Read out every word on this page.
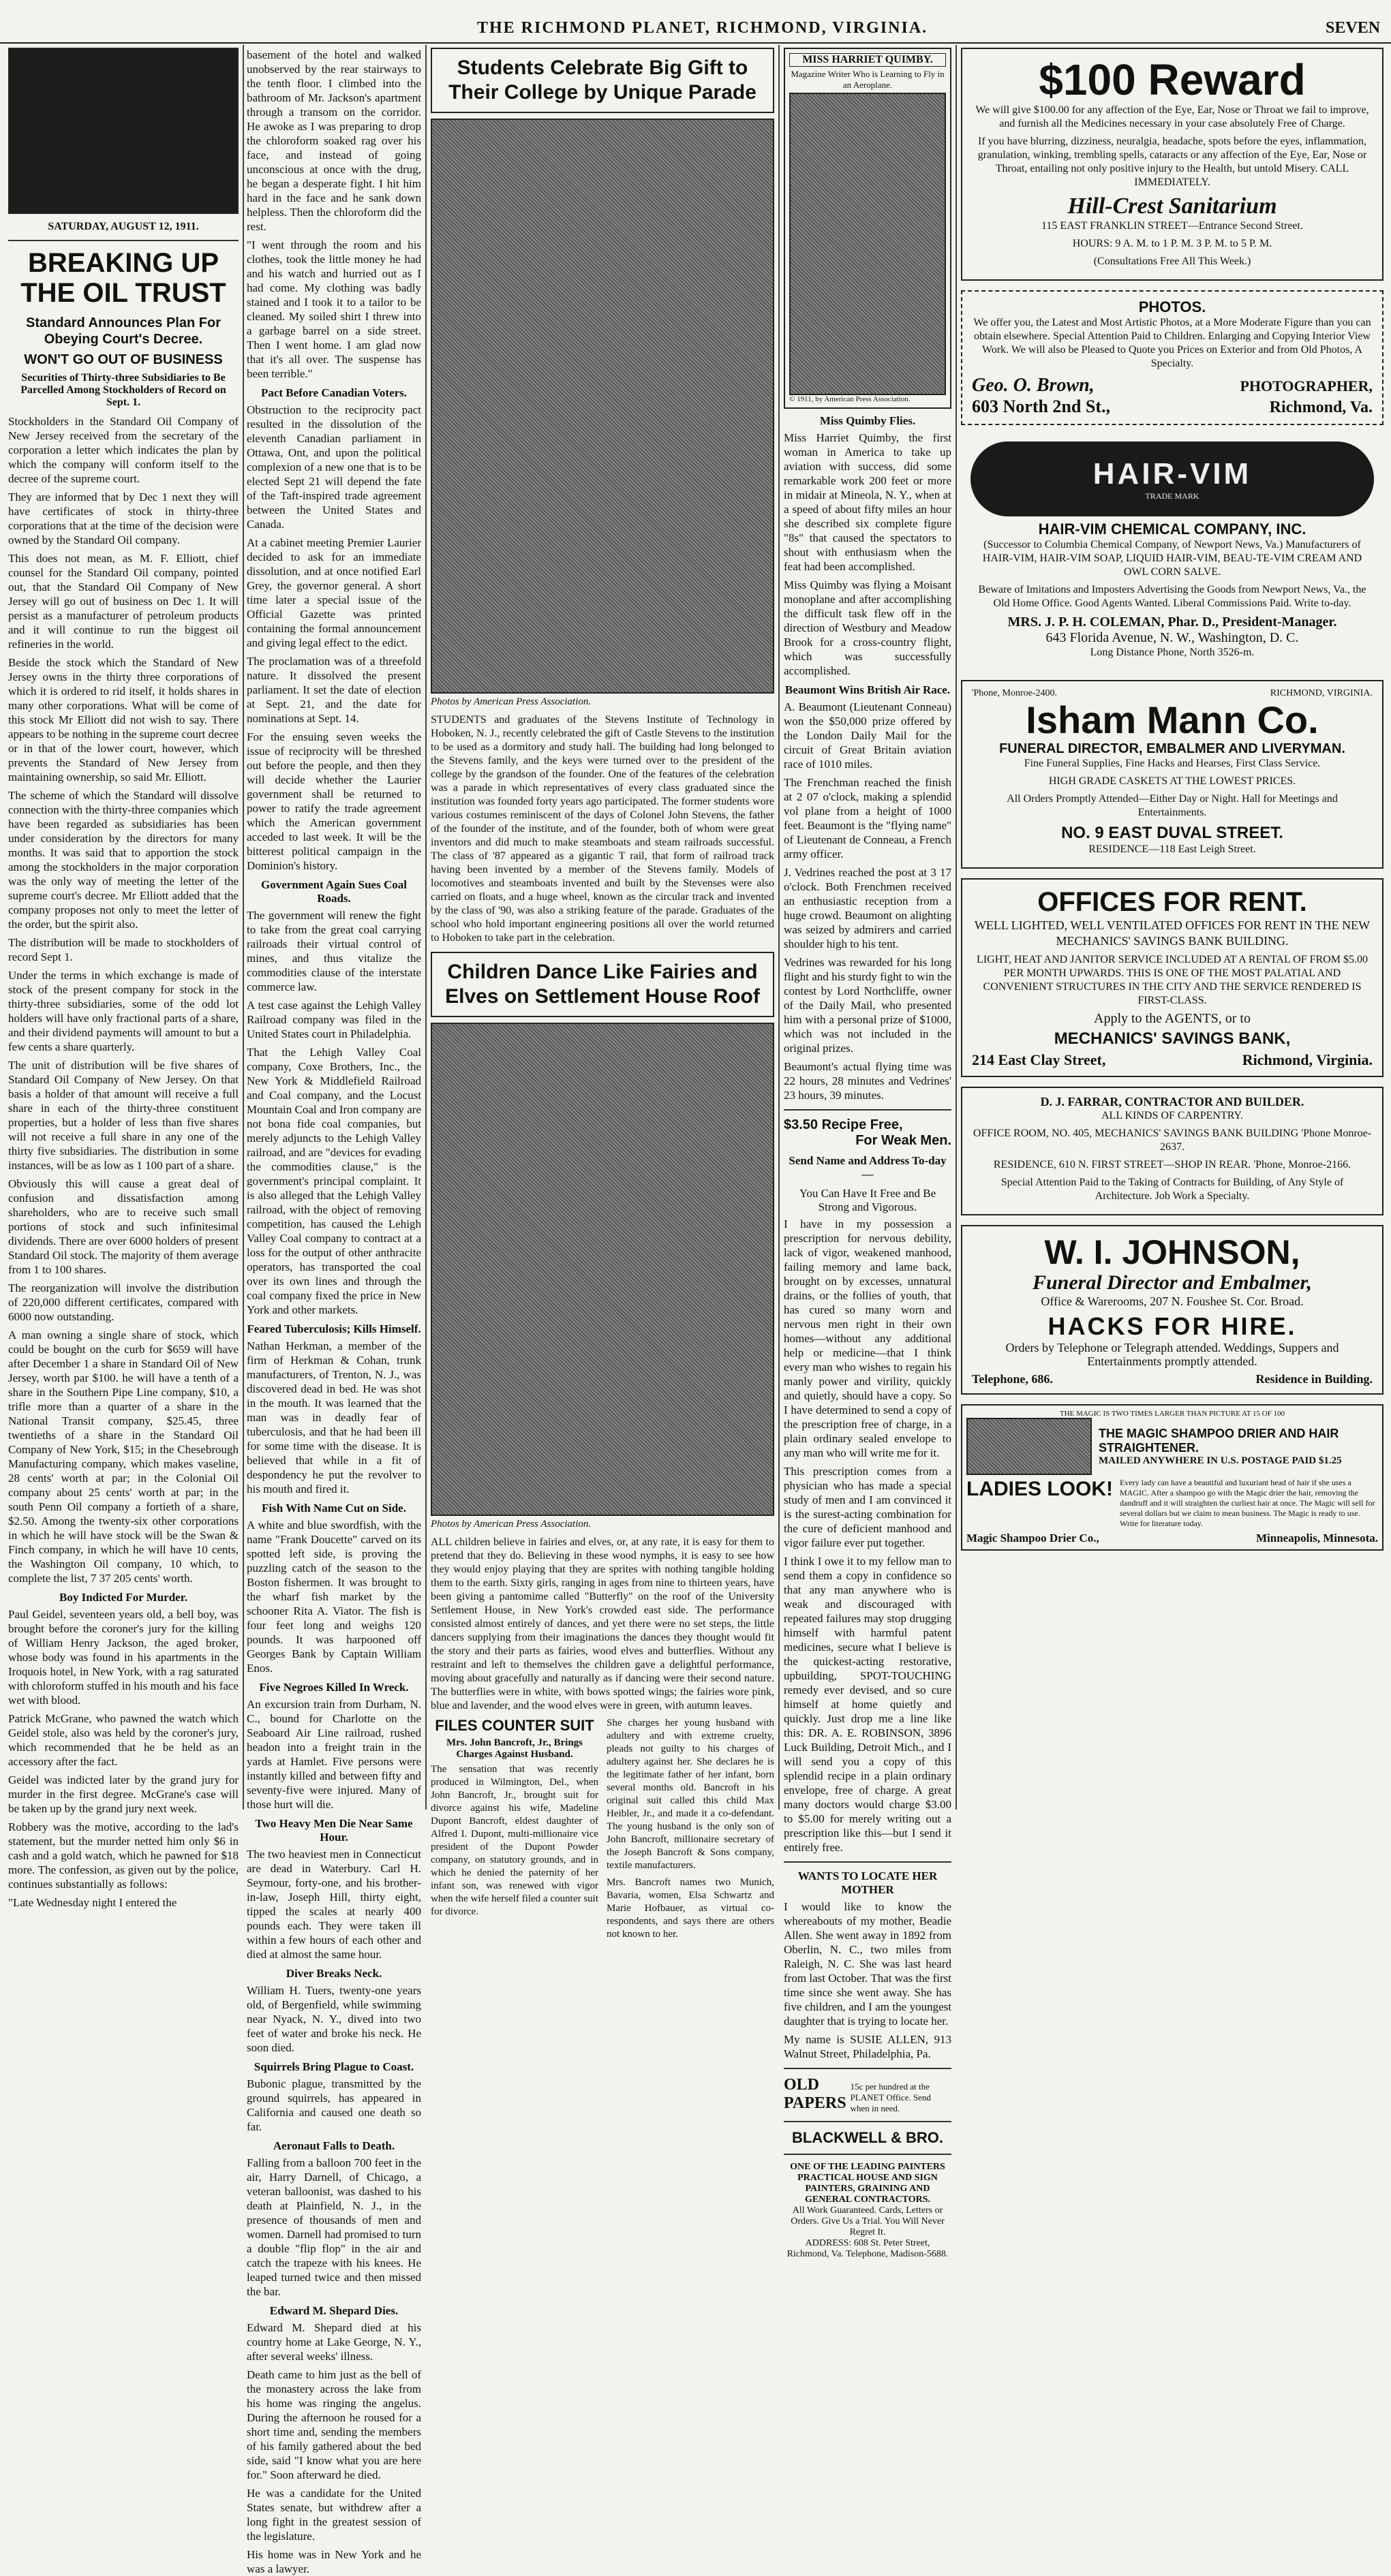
THE RICHMOND PLANET, RICHMOND, VIRGINIA.	SEVEN
SATURDAY, AUGUST 12, 1911.
BREAKING UP
THE OIL TRUST
Standard Announces Plan For Obeying Court's Decree.
WON'T GO OUT OF BUSINESS
Securities of Thirty-three Subsidiaries to Be Parcelled Among Stockholders of Record on Sept. 1.

Stockholders in the Standard Oil Company of New Jersey received from the secretary of the corporation a letter which indicates the plan by which the company will conform itself to the decree of the supreme court.

They are informed that by Dec 1 next they will have certificates of stock in thirty-three corporations that at the time of the decision were owned by the Standard Oil company.

This does not mean, as M. F. Elliott, chief counsel for the Standard Oil company, pointed out, that the Standard Oil Company of New Jersey will go out of business on Dec 1. It will persist as a manufacturer of petroleum products and it will continue to run the biggest oil refineries in the world.

Beside the stock which the Standard of New Jersey owns in the thirty three corporations of which it is ordered to rid itself, it holds shares in many other corporations. What will be come of this stock Mr Elliott did not wish to say. There appears to be nothing in the supreme court decree or in that of the lower court, however, which prevents the Standard of New Jersey from maintaining ownership, so said Mr. Elliott.

The scheme of which the Standard will dissolve connection with the thirty-three companies which have been regarded as subsidiaries has been under consideration by the directors for many months. It was said that to apportion the stock among the stockholders in the major corporation was the only way of meeting the letter of the supreme court's decree. Mr Elliott added that the company proposes not only to meet the letter of the order, but the spirit also.

The distribution will be made to stockholders of record Sept 1.

Under the terms in which exchange is made of stock of the present company for stock in the thirty-three subsidiaries, some of the odd lot holders will have only fractional parts of a share, and their dividend payments will amount to but a few cents a share quarterly.

The unit of distribution will be five shares of Standard Oil Company of New Jersey. On that basis a holder of that amount will receive a full share in each of the thirty-three constituent properties, but a holder of less than five shares will not receive a full share in any one of the thirty five subsidiaries. The distribution in some instances, will be as low as 1 100 part of a share.

Obviously this will cause a great deal of confusion and dissatisfaction among shareholders, who are to receive such small portions of stock and such infinitesimal dividends. There are over 6000 holders of present Standard Oil stock. The majority of them average from 1 to 100 shares.

The reorganization will involve the distribution of 220,000 different certificates, compared with 6000 now outstanding.

A man owning a single share of stock, which could be bought on the curb for $659 will have after December 1 a share in Standard Oil of New Jersey, worth par $100. he will have a tenth of a share in the Southern Pipe Line company, $10, a trifle more than a quarter of a share in the National Transit company, $25.45, three twentieths of a share in the Standard Oil Company of New York, $15; in the Chesebrough Manufacturing company, which makes vaseline, 28 cents' worth at par; in the Colonial Oil company about 25 cents' worth at par; in the south Penn Oil company a fortieth of a share, $2.50. Among the twenty-six other corporations in which he will have stock will be the Swan & Finch company, in which he will have 10 cents, the Washington Oil company, 10 which, to complete the list, 7 37 205 cents' worth.

Boy Indicted For Murder.

Paul Geidel, seventeen years old, a bell boy, was brought before the coroner's jury for the killing of William Henry Jackson, the aged broker, whose body was found in his apartments in the Iroquois hotel, in New York, with a rag saturated with chloroform stuffed in his mouth and his face wet with blood.

Patrick McGrane, who pawned the watch which Geidel stole, also was held by the coroner's jury, which recommended that he be held as an accessory after the fact.

Geidel was indicted later by the grand jury for murder in the first degree. McGrane's case will be taken up by the grand jury next week.

Robbery was the motive, according to the lad's statement, but the murder netted him only $6 in cash and a gold watch, which he pawned for $18 more. The confession, as given out by the police, continues substantially as follows:

"Late Wednesday night I entered the

basement of the hotel and walked unobserved by the rear stairways to the tenth floor. I climbed into the bathroom of Mr. Jackson's apartment through a transom on the corridor. He awoke as I was preparing to drop the chloroform soaked rag over his face, and instead of going unconscious at once with the drug, he began a desperate fight. I hit him hard in the face and he sank down helpless. Then the chloroform did the rest.

"I went through the room and his clothes, took the little money he had and his watch and hurried out as I had come. My clothing was badly stained and I took it to a tailor to be cleaned. My soiled shirt I threw into a garbage barrel on a side street. Then I went home. I am glad now that it's all over. The suspense has been terrible."

Pact Before Canadian Voters.

Obstruction to the reciprocity pact resulted in the dissolution of the eleventh Canadian parliament in Ottawa, Ont, and upon the political complexion of a new one that is to be elected Sept 21 will depend the fate of the Taft-inspired trade agreement between the United States and Canada.

At a cabinet meeting Premier Laurier decided to ask for an immediate dissolution, and at once notified Earl Grey, the governor general. A short time later a special issue of the Official Gazette was printed containing the formal announcement and giving legal effect to the edict.

The proclamation was of a threefold nature. It dissolved the present parliament. It set the date of election at Sept. 21, and the date for nominations at Sept. 14.

For the ensuing seven weeks the issue of reciprocity will be threshed out before the people, and then they will decide whether the Laurier government shall be returned to power to ratify the trade agreement which the American government acceded to last week. It will be the bitterest political campaign in the Dominion's history.

Government Again Sues Coal Roads.

The government will renew the fight to take from the great coal carrying railroads their virtual control of mines, and thus vitalize the commodities clause of the interstate commerce law.

A test case against the Lehigh Valley Railroad company was filed in the United States court in Philadelphia.

That the Lehigh Valley Coal company, Coxe Brothers, Inc., the New York & Middlefield Railroad and Coal company, and the Locust Mountain Coal and Iron company are not bona fide coal companies, but merely adjuncts to the Lehigh Valley railroad, and are "devices for evading the commodities clause," is the government's principal complaint. It is also alleged that the Lehigh Valley railroad, with the object of removing competition, has caused the Lehigh Valley Coal company to contract at a loss for the output of other anthracite operators, has transported the coal over its own lines and through the coal company fixed the price in New York and other markets.

Feared Tuberculosis; Kills Himself.

Nathan Herkman, a member of the firm of Herkman & Cohan, trunk manufacturers, of Trenton, N. J., was discovered dead in bed. He was shot in the mouth. It was learned that the man was in deadly fear of tuberculosis, and that he had been ill for some time with the disease. It is believed that while in a fit of despondency he put the revolver to his mouth and fired it.

Fish With Name Cut on Side.

A white and blue swordfish, with the name "Frank Doucette" carved on its spotted left side, is proving the puzzling catch of the season to the Boston fishermen. It was brought to the wharf fish market by the schooner Rita A. Viator. The fish is four feet long and weighs 120 pounds. It was harpooned off Georges Bank by Captain William Enos.

Five Negroes Killed In Wreck.

An excursion train from Durham, N. C., bound for Charlotte on the Seaboard Air Line railroad, rushed headon into a freight train in the yards at Hamlet. Five persons were instantly killed and between fifty and seventy-five were injured. Many of those hurt will die.

Two Heavy Men Die Near Same Hour.

The two heaviest men in Connecticut are dead in Waterbury. Carl H. Seymour, forty-one, and his brother-in-law, Joseph Hill, thirty eight, tipped the scales at nearly 400 pounds each. They were taken ill within a few hours of each other and died at almost the same hour.

Diver Breaks Neck.

William H. Tuers, twenty-one years old, of Bergenfield, while swimming near Nyack, N. Y., dived into two feet of water and broke his neck. He soon died.

Squirrels Bring Plague to Coast.

Bubonic plague, transmitted by the ground squirrels, has appeared in California and caused one death so far.

Aeronaut Falls to Death.

Falling from a balloon 700 feet in the air, Harry Darnell, of Chicago, a veteran balloonist, was dashed to his death at Plainfield, N. J., in the presence of thousands of men and women. Darnell had promised to turn a double "flip flop" in the air and catch the trapeze with his knees. He leaped turned twice and then missed the bar.

Edward M. Shepard Dies.

Edward M. Shepard died at his country home at Lake George, N. Y., after several weeks' illness.

Death came to him just as the bell of the monastery across the lake from his home was ringing the angelus. During the afternoon he roused for a short time and, sending the members of his family gathered about the bed side, said "I know what you are here for." Soon afterward he died.

He was a candidate for the United States senate, but withdrew after a long fight in the greatest session of the legislature.

His home was in New York and he was a lawyer.

Students Celebrate Big Gift to Their College by Unique Parade
Photos by American Press Association.

STUDENTS and graduates of the Stevens Institute of Technology in Hoboken, N. J., recently celebrated the gift of Castle Stevens to the institution to be used as a dormitory and study hall. The building had long belonged to the Stevens family, and the keys were turned over to the president of the college by the grandson of the founder. One of the features of the celebration was a parade in which representatives of every class graduated since the institution was founded forty years ago participated. The former students wore various costumes reminiscent of the days of Colonel John Stevens, the father of the founder of the institute, and of the founder, both of whom were great inventors and did much to make steamboats and steam railroads successful. The class of '87 appeared as a gigantic T rail, that form of railroad track having been invented by a member of the Stevens family. Models of locomotives and steamboats invented and built by the Stevenses were also carried on floats, and a huge wheel, known as the circular track and invented by the class of '90, was also a striking feature of the parade. Graduates of the school who hold important engineering positions all over the world returned to Hoboken to take part in the celebration.

Children Dance Like Fairies and Elves on Settlement House Roof
Photos by American Press Association.

ALL children believe in fairies and elves, or, at any rate, it is easy for them to pretend that they do. Believing in these wood nymphs, it is easy to see how they would enjoy playing that they are sprites with nothing tangible holding them to the earth. Sixty girls, ranging in ages from nine to thirteen years, have been giving a pantomime called "Butterfly" on the roof of the University Settlement House, in New York's crowded east side. The performance consisted almost entirely of dances, and yet there were no set steps, the little dancers supplying from their imaginations the dances they thought would fit the story and their parts as fairies, wood elves and butterflies. Without any restraint and left to themselves the children gave a delightful performance, moving about gracefully and naturally as if dancing were their second nature. The butterflies were in white, with bows spotted wings; the fairies wore pink, blue and lavender, and the wood elves were in green, with autumn leaves.

FILES COUNTER SUIT
Mrs. John Bancroft, Jr., Brings Charges Against Husband.

The sensation that was recently produced in Wilmington, Del., when John Bancroft, Jr., brought suit for divorce against his wife, Madeline Dupont Bancroft, eldest daughter of Alfred I. Dupont, multi-millionaire vice president of the Dupont Powder company, on statutory grounds, and in which he denied the paternity of her infant son, was renewed with vigor when the wife herself filed a counter suit for divorce.

She charges her young husband with adultery and with extreme cruelty, pleads not guilty to his charges of adultery against her. She declares he is the legitimate father of her infant, born several months old. Bancroft in his original suit called this child Max Heibler, Jr., and made it a co-defendant. The young husband is the only son of John Bancroft, millionaire secretary of the Joseph Bancroft & Sons company, textile manufacturers.

Mrs. Bancroft names two Munich, Bavaria, women, Elsa Schwartz and Marie Hofbauer, as virtual co-respondents, and says there are others not known to her.

MISS HARRIET QUIMBY.
Magazine Writer Who is Learning to Fly in an Aeroplane.
© 1911, by American Press Association.
Miss Quimby Flies.

Miss Harriet Quimby, the first woman in America to take up aviation with success, did some remarkable work 200 feet or more in midair at Mineola, N. Y., when at a speed of about fifty miles an hour she described six complete figure "8s" that caused the spectators to shout with enthusiasm when the feat had been accomplished.

Miss Quimby was flying a Moisant monoplane and after accomplishing the difficult task flew off in the direction of Westbury and Meadow Brook for a cross-country flight, which was successfully accomplished.

Beaumont Wins British Air Race.

A. Beaumont (Lieutenant Conneau) won the $50,000 prize offered by the London Daily Mail for the circuit of Great Britain aviation race of 1010 miles.

The Frenchman reached the finish at 2 07 o'clock, making a splendid vol plane from a height of 1000 feet. Beaumont is the "flying name" of Lieutenant de Conneau, a French army officer.

J. Vedrines reached the post at 3 17 o'clock. Both Frenchmen received an enthusiastic reception from a huge crowd. Beaumont on alighting was seized by admirers and carried shoulder high to his tent.

Vedrines was rewarded for his long flight and his sturdy fight to win the contest by Lord Northcliffe, owner of the Daily Mail, who presented him with a personal prize of $1000, which was not included in the original prizes.

Beaumont's actual flying time was 22 hours, 28 minutes and Vedrines' 23 hours, 39 minutes.

$3.50 Recipe Free,
For Weak Men.
Send Name and Address To-day—
You Can Have It Free and Be Strong and Vigorous.

I have in my possession a prescription for nervous debility, lack of vigor, weakened manhood, failing memory and lame back, brought on by excesses, unnatural drains, or the follies of youth, that has cured so many worn and nervous men right in their own homes—without any additional help or medicine—that I think every man who wishes to regain his manly power and virility, quickly and quietly, should have a copy. So I have determined to send a copy of the prescription free of charge, in a plain ordinary sealed envelope to any man who will write me for it.

This prescription comes from a physician who has made a special study of men and I am convinced it is the surest-acting combination for the cure of deficient manhood and vigor failure ever put together.

I think I owe it to my fellow man to send them a copy in confidence so that any man anywhere who is weak and discouraged with repeated failures may stop drugging himself with harmful patent medicines, secure what I believe is the quickest-acting restorative, upbuilding, SPOT-TOUCHING remedy ever devised, and so cure himself at home quietly and quickly. Just drop me a line like this: DR. A. E. ROBINSON, 3896 Luck Building, Detroit Mich., and I will send you a copy of this splendid recipe in a plain ordinary envelope, free of charge. A great many doctors would charge $3.00 to $5.00 for merely writing out a prescription like this—but I send it entirely free.

WANTS TO LOCATE HER MOTHER

I would like to know the whereabouts of my mother, Beadie Allen. She went away in 1892 from Oberlin, N. C., two miles from Raleigh, N. C. She was last heard from last October. That was the first time since she went away. She has five children, and I am the youngest daughter that is trying to locate her.

My name is SUSIE ALLEN, 913 Walnut Street, Philadelphia, Pa.

OLD PAPERS
15c per hundred at the PLANET Office. Send when in need.
BLACKWELL & BRO.
ONE OF THE LEADING PAINTERS
PRACTICAL HOUSE AND SIGN PAINTERS, GRAINING AND GENERAL CONTRACTORS.
All Work Guaranteed. Cards, Letters or Orders. Give Us a Trial. You Will Never Regret It.
ADDRESS: 608 St. Peter Street, Richmond, Va. Telephone, Madison-5688.
$100 Reward

We will give $100.00 for any affection of the Eye, Ear, Nose or Throat we fail to improve, and furnish all the Medicines necessary in your case absolutely Free of Charge.

If you have blurring, dizziness, neuralgia, headache, spots before the eyes, inflammation, granulation, winking, trembling spells, cataracts or any affection of the Eye, Ear, Nose or Throat, entailing not only positive injury to the Health, but untold Misery. CALL IMMEDIATELY.

Hill-Crest Sanitarium

115 EAST FRANKLIN STREET—Entrance Second Street.

HOURS: 9 A. M. to 1 P. M. 3 P. M. to 5 P. M.

(Consultations Free All This Week.)

PHOTOS.

We offer you, the Latest and Most Artistic Photos, at a More Moderate Figure than you can obtain elsewhere. Special Attention Paid to Children. Enlarging and Copying Interior View Work. We will also be Pleased to Quote you Prices on Exterior and from Old Photos, A Specialty.

Geo. O. Brown,	PHOTOGRAPHER,
603 North 2nd St.,	Richmond, Va.
HAIR-VIM
TRADE MARK
HAIR-VIM CHEMICAL COMPANY, INC.

(Successor to Columbia Chemical Company, of Newport News, Va.) Manufacturers of HAIR-VIM, HAIR-VIM SOAP, LIQUID HAIR-VIM, BEAU-TE-VIM CREAM AND OWL CORN SALVE.

Beware of Imitations and Imposters Advertising the Goods from Newport News, Va., the Old Home Office. Good Agents Wanted. Liberal Commissions Paid. Write to-day.

MRS. J. P. H. COLEMAN, Phar. D., President-Manager.
643 Florida Avenue, N. W., Washington, D. C.

Long Distance Phone, North 3526-m.

'Phone, Monroe-2400.	RICHMOND, VIRGINIA.
Isham Mann Co.
FUNERAL DIRECTOR, EMBALMER AND LIVERYMAN.

Fine Funeral Supplies, Fine Hacks and Hearses, First Class Service.

HIGH GRADE CASKETS AT THE LOWEST PRICES.

All Orders Promptly Attended—Either Day or Night. Hall for Meetings and Entertainments.

NO. 9 EAST DUVAL STREET.

RESIDENCE—118 East Leigh Street.

OFFICES FOR RENT.

WELL LIGHTED, WELL VENTILATED OFFICES FOR RENT IN THE NEW MECHANICS' SAVINGS BANK BUILDING.

LIGHT, HEAT AND JANITOR SERVICE INCLUDED AT A RENTAL OF FROM $5.00 PER MONTH UPWARDS. THIS IS ONE OF THE MOST PALATIAL AND CONVENIENT STRUCTURES IN THE CITY AND THE SERVICE RENDERED IS FIRST-CLASS.

Apply to the AGENTS, or to

MECHANICS' SAVINGS BANK,
214 East Clay Street,	Richmond, Virginia.
D. J. FARRAR, CONTRACTOR AND BUILDER.

ALL KINDS OF CARPENTRY.

OFFICE ROOM, NO. 405, MECHANICS' SAVINGS BANK BUILDING 'Phone Monroe-2637.

RESIDENCE, 610 N. FIRST STREET—SHOP IN REAR. 'Phone, Monroe-2166.

Special Attention Paid to the Taking of Contracts for Building, of Any Style of Architecture. Job Work a Specialty.

W. I. JOHNSON,
Funeral Director and Embalmer,

Office & Warerooms, 207 N. Foushee St. Cor. Broad.

HACKS FOR HIRE.

Orders by Telephone or Telegraph attended. Weddings, Suppers and Entertainments promptly attended.

Telephone, 686.	Residence in Building.
THE MAGIC IS TWO TIMES LARGER THAN PICTURE AT 15 OF 100
THE MAGIC SHAMPOO DRIER AND HAIR STRAIGHTENER.
MAILED ANYWHERE IN U.S. POSTAGE PAID $1.25
LADIES LOOK! Every lady can have a beautiful and luxuriant head of hair if she uses a MAGIC. After a shampoo go with the Magic drier the hair, removing the dandruff and it will straighten the curliest hair at once. The Magic will sell for several dollars but we claim to mean business. The Magic is ready to use. Write for literature today.
Magic Shampoo Drier Co.,	Minneapolis, Minnesota.
